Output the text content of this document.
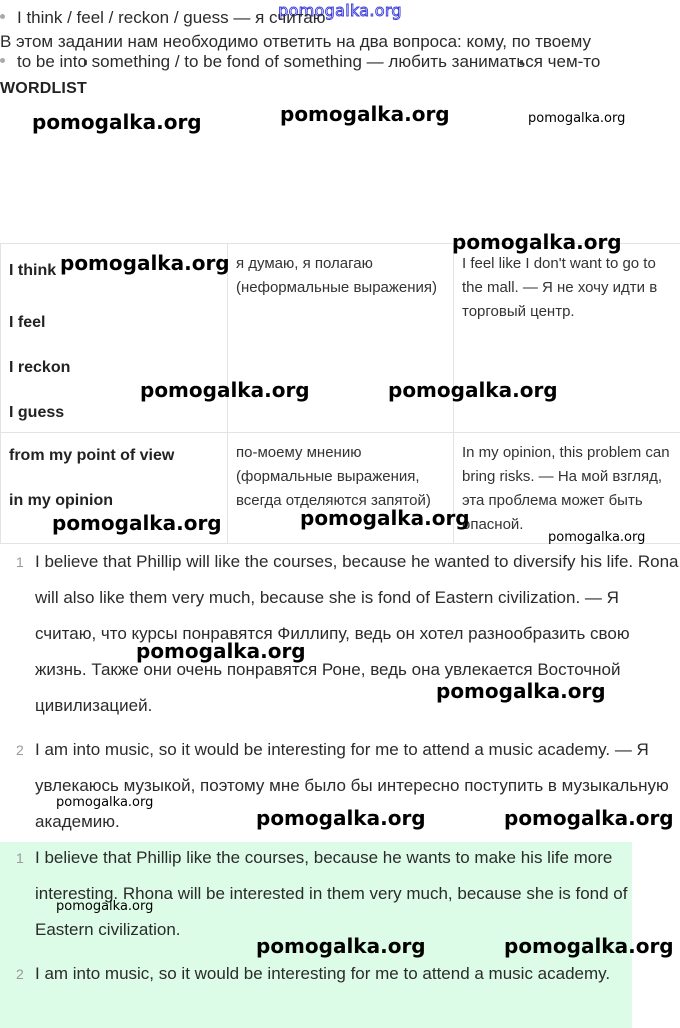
pomogalka.org
В этом задании нам необходимо ответить на два вопроса: кому, по твоему
WORDLIST
I think / feel / reckon / guess — я считаю
to be into something / to be fond of something — любить заниматься чем-то
I think
I feel
I reckon
I guess	я думаю, я полагаю (неформальные выражения)	I feel like I don't want to go to the mall. — Я не хочу идти в торговый центр.

from my point of view
in my opinion	по-моему мнению (формальные выражения, всегда отделяются запятой)	In my opinion, this problem can bring risks. — На мой взгляд, эта проблема может быть опасной.
1 I believe that Phillip will like the courses, because he wanted to diversify his life. Rona will also like them very much, because she is fond of Eastern civilization. — Я считаю, что курсы понравятся Филлипу, ведь он хотел разнообразить свою жизнь. Также они очень понравятся Роне, ведь она увлекается Восточной цивилизацией.
2 I am into music, so it would be interesting for me to attend a music academy. — Я увлекаюсь музыкой, поэтому мне было бы интересно поступить в музыкальную академию.
1 I believe that Phillip like the courses, because he wants to make his life more interesting. Rhona will be interested in them very much, because she is fond of Eastern civilization.
2 I am into music, so it would be interesting for me to attend a music academy.
pomogalka.org	pomogalka.org	pomogalka.org
pomogalka.org
pomogalka.org
pomogalka.org	pomogalka.org
pomogalka.org	pomogalka.org
pomogalka.org
pomogalka.org
pomogalka.org
pomogalka.org
pomogalka.org	pomogalka.org
pomogalka.org
pomogalka.org	pomogalka.org
